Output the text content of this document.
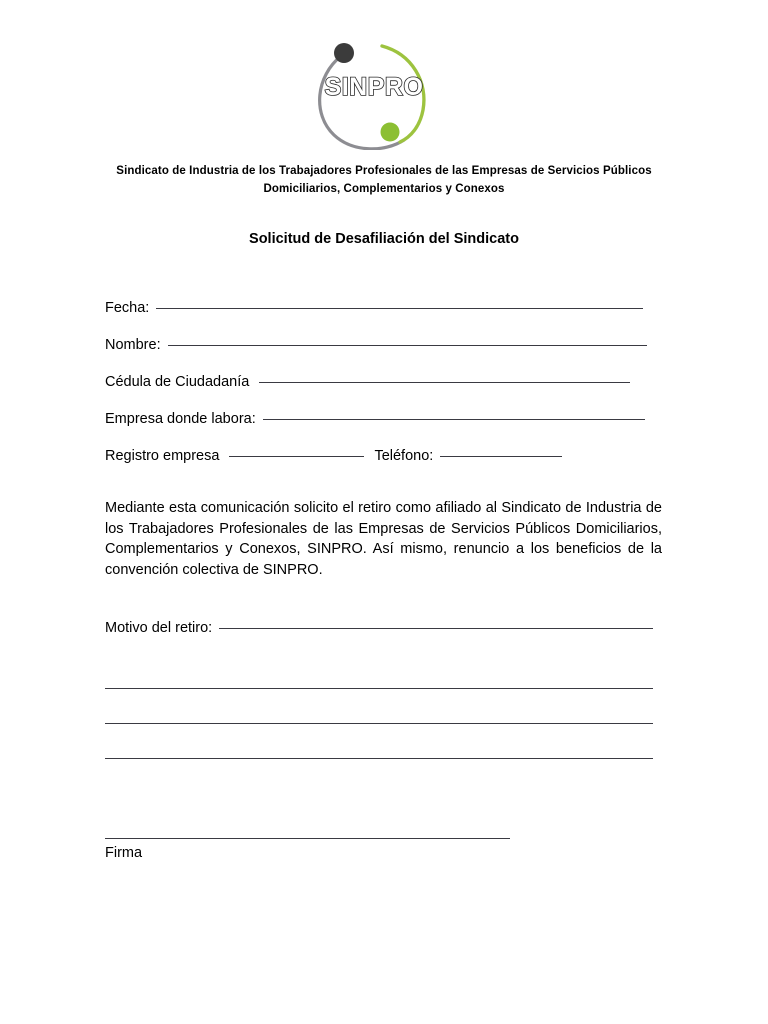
SINPRO
Sindicato de Industria de los Trabajadores Profesionales de las Empresas de Servicios Públicos
Domiciliarios, Complementarios y Conexos
Solicitud de Desafiliación del Sindicato
Fecha:
Nombre:
Cédula de Ciudadanía
Empresa donde labora:
Registro empresa	Teléfono:
Mediante esta comunicación solicito el retiro como afiliado al Sindicato de Industria de los Trabajadores Profesionales de las Empresas de Servicios Públicos Domiciliarios, Complementarios y Conexos, SINPRO. Así mismo, renuncio a los beneficios de la convención colectiva de SINPRO.
Motivo del retiro:
Firma
